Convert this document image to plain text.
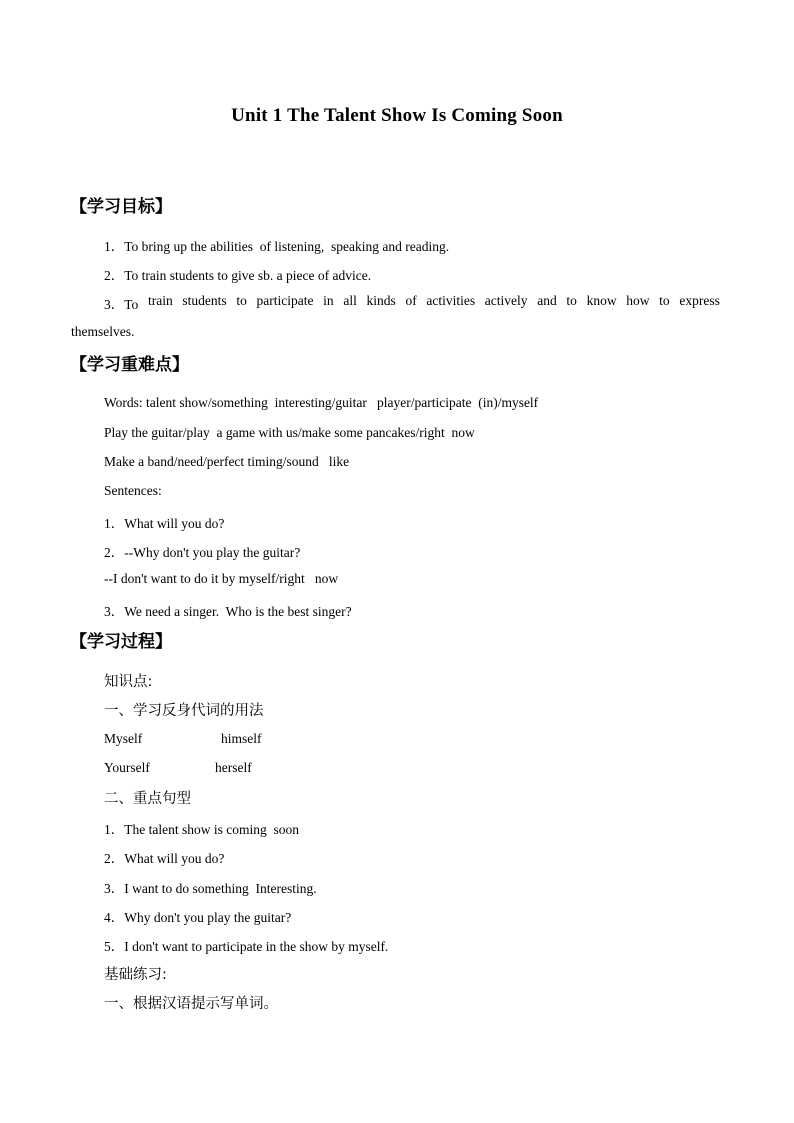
Unit 1 The Talent Show Is Coming Soon
【学习目标】
1．To bring up the abilities  of listening,  speaking and reading.
2．To train students to give sb. a piece of advice.
3．To train students to participate in all kinds of activities actively and to know how to express
themselves.
【学习重难点】
Words: talent show/something  interesting/guitar   player/participate  (in)/myself
Play the guitar/play  a game with us/make some pancakes/right  now
Make a band/need/perfect timing/sound   like
Sentences:
1．What will you do?
2．--Why don't you play the guitar?
--I don't want to do it by myself/right   now
3．We need a singer.  Who is the best singer?
【学习过程】
知识点:
一、学习反身代词的用法
Myself	himself
Yourself	herself
二、重点句型
1．The talent show is coming  soon
2．What will you do?
3．I want to do something  Interesting.
4．Why don't you play the guitar?
5．I don't want to participate in the show by myself.
基础练习:
一、根据汉语提示写单词。
